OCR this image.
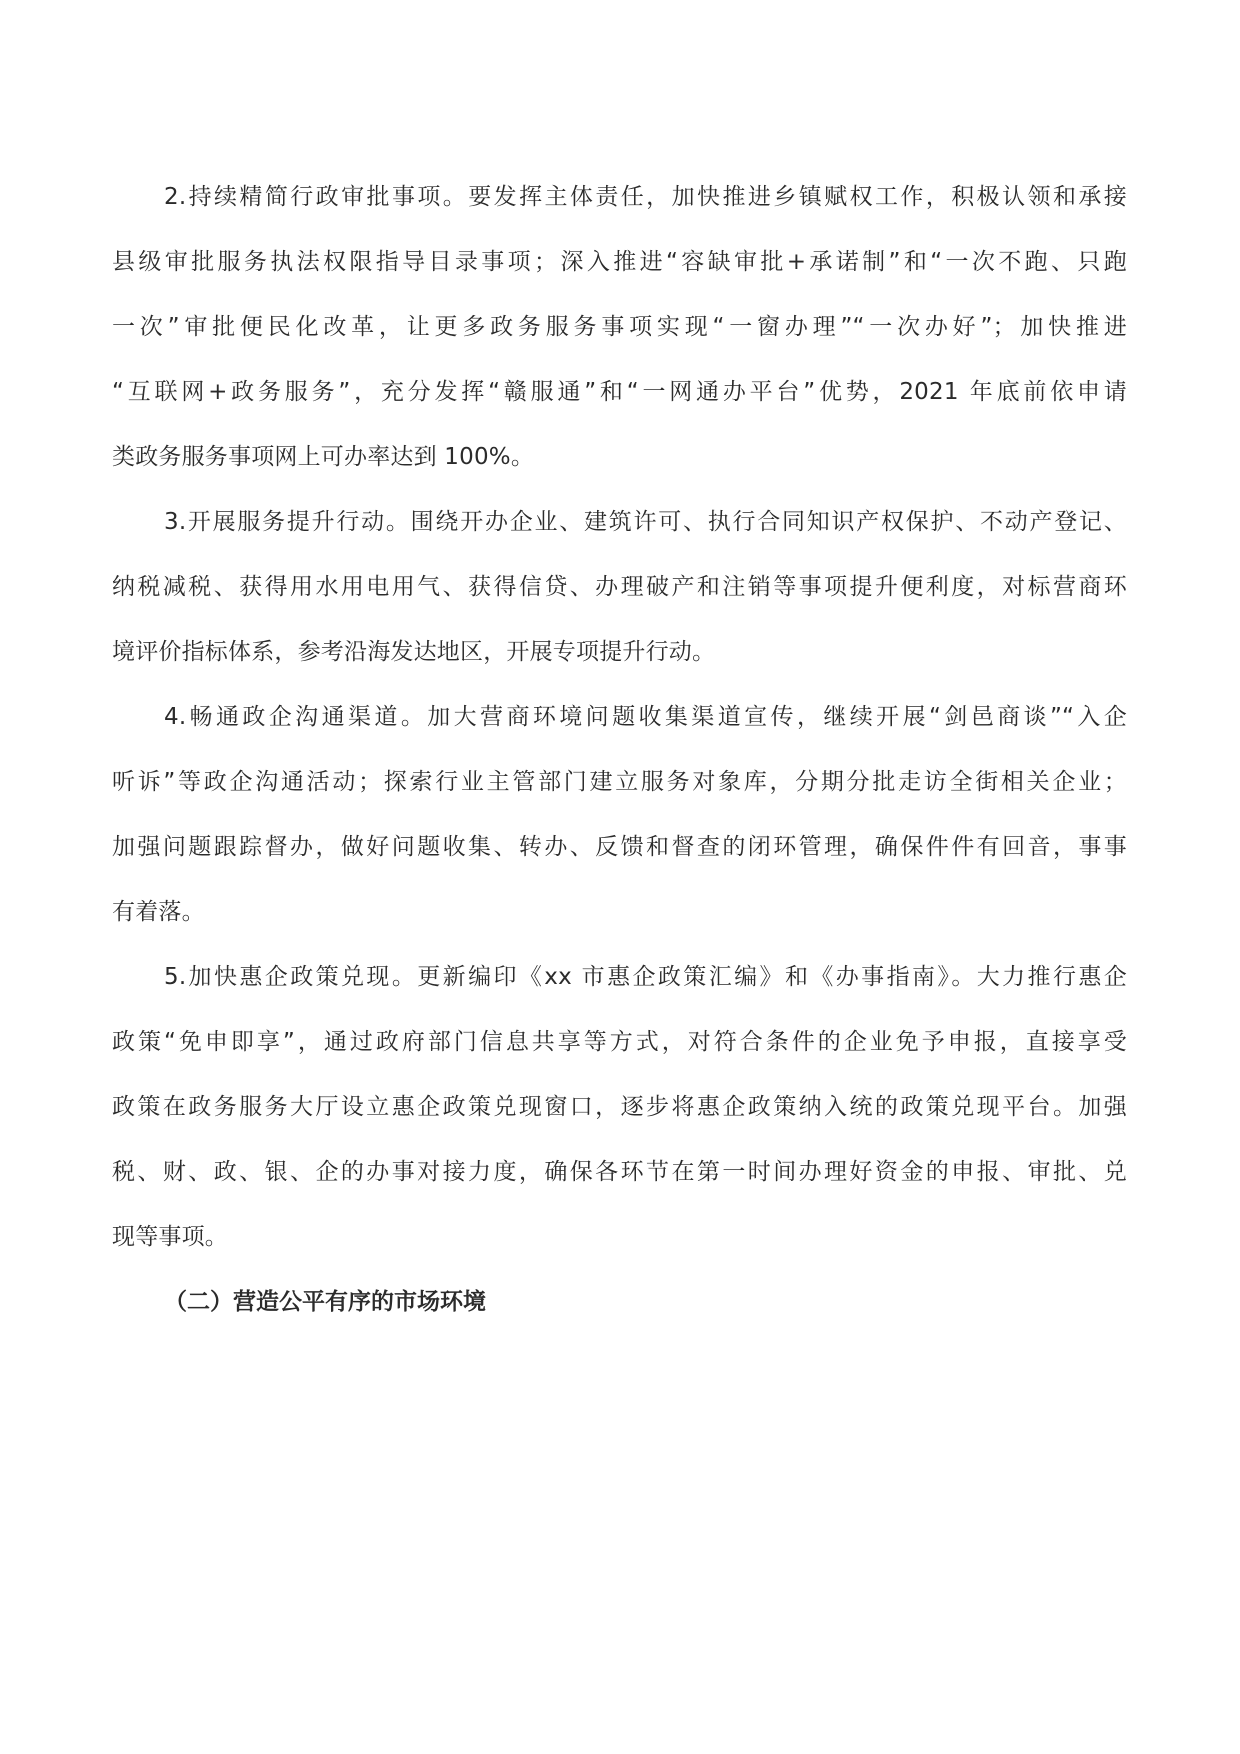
2.持续精简行政审批事项。要发挥主体责任，加快推进乡镇赋权工作，积极认领和承接
县级审批服务执法权限指导目录事项；深入推进“容缺审批+承诺制”和“一次不跑、只跑
一次”审批便民化改革，让更多政务服务事项实现“一窗办理”“一次办好”；加快推进
“互联网+政务服务”，充分发挥“赣服通”和“一网通办平台”优势，2021 年底前依申请
类政务服务事项网上可办率达到 100%。
3.开展服务提升行动。围绕开办企业、建筑许可、执行合同知识产权保护、不动产登记、
纳税减税、获得用水用电用气、获得信贷、办理破产和注销等事项提升便利度，对标营商环
境评价指标体系，参考沿海发达地区，开展专项提升行动。
4.畅通政企沟通渠道。加大营商环境问题收集渠道宣传，继续开展“剑邑商谈”“入企
听诉”等政企沟通活动；探索行业主管部门建立服务对象库，分期分批走访全街相关企业；
加强问题跟踪督办，做好问题收集、转办、反馈和督查的闭环管理，确保件件有回音，事事
有着落。
5.加快惠企政策兑现。更新编印《xx 市惠企政策汇编》和《办事指南》。大力推行惠企
政策“免申即享”，通过政府部门信息共享等方式，对符合条件的企业免予申报，直接享受
政策在政务服务大厅设立惠企政策兑现窗口，逐步将惠企政策纳入统的政策兑现平台。加强
税、财、政、银、企的办事对接力度，确保各环节在第一时间办理好资金的申报、审批、兑
现等事项。
（二）营造公平有序的市场环境
